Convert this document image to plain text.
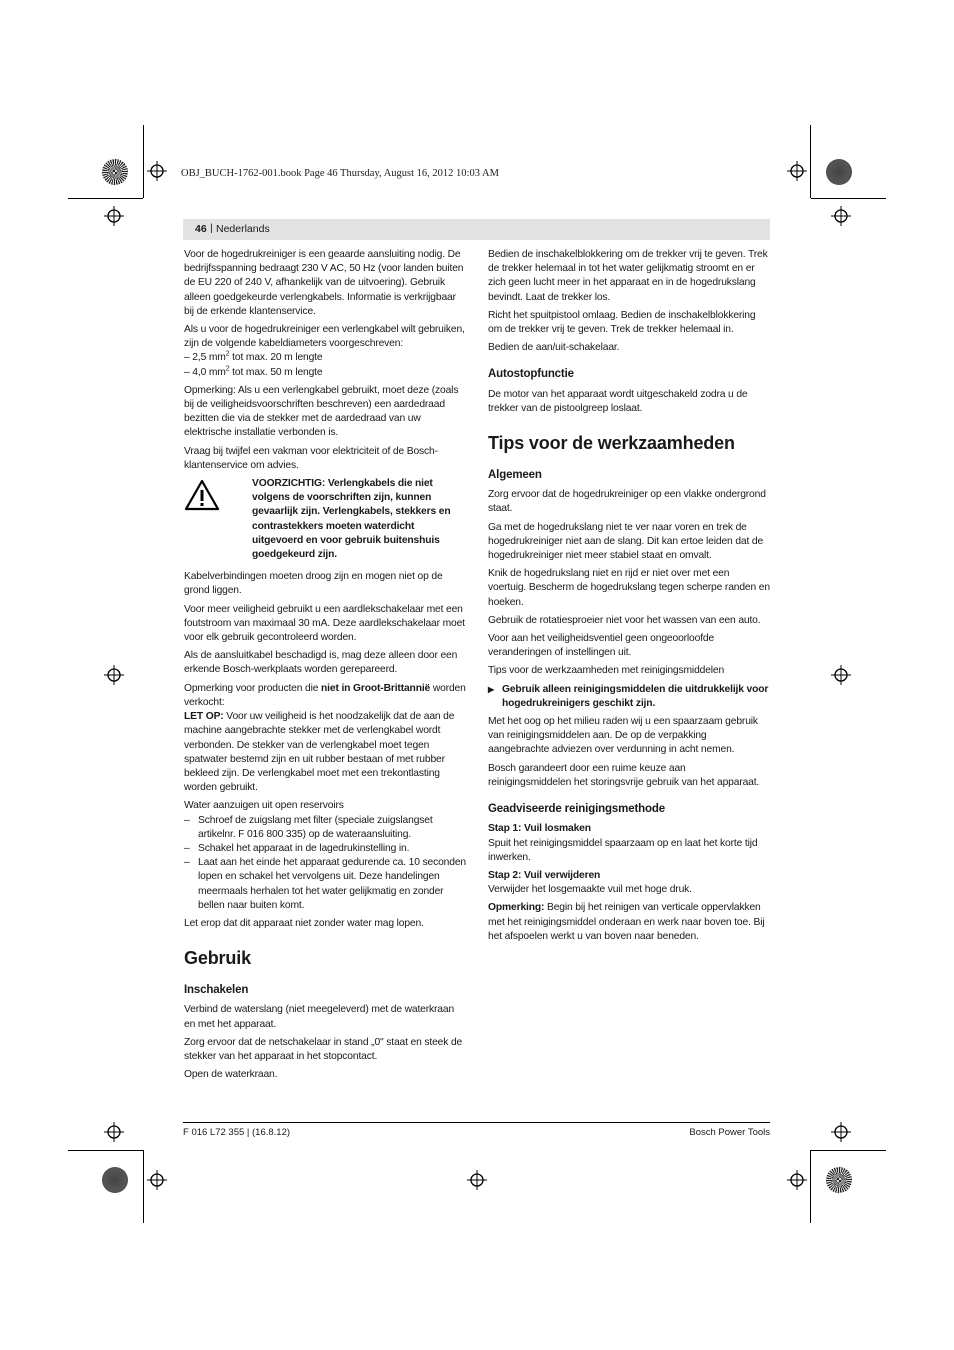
OBJ_BUCH-1762-001.book Page 46 Thursday, August 16, 2012 10:03 AM
46 | Nederlands

Voor de hogedrukreiniger is een geaarde aansluiting nodig. De bedrijfsspanning bedraagt 230 V AC, 50 Hz (voor landen buiten de EU 220 of 240 V, afhankelijk van de uitvoering). Gebruik alleen goedgekeurde verlengkabels. Informatie is verkrijgbaar bij de erkende klantenservice.

Als u voor de hogedrukreiniger een verlengkabel wilt gebruiken, zijn de volgende kabeldiameters voorgeschreven:

– 2,5 $mm^2$ tot max. 20 m lengte
– 4,0 $mm^2$ tot max. 50 m lengte

Opmerking: Als u een verlengkabel gebruikt, moet deze (zoals bij de veiligheidsvoorschriften beschreven) een aardedraad bezitten die via de stekker met de aardedraad van uw elektrische installatie verbonden is.

Vraag bij twijfel een vakman voor elektriciteit of de Bosch-klantenservice om advies.

VOORZICHTIG: Verlengkabels die niet volgens de voorschriften zijn, kunnen gevaarlijk zijn. Verlengkabels, stekkers en contrastekkers moeten waterdicht uitgevoerd en voor gebruik buitenshuis goedgekeurd zijn.

Kabelverbindingen moeten droog zijn en mogen niet op de grond liggen.

Voor meer veiligheid gebruikt u een aardlekschakelaar met een foutstroom van maximaal 30 mA. Deze aardlekschakelaar moet voor elk gebruik gecontroleerd worden.

Als de aansluitkabel beschadigd is, mag deze alleen door een erkende Bosch-werkplaats worden gerepareerd.

Opmerking voor producten die niet in Groot-Brittannië worden verkocht:

LET OP: Voor uw veiligheid is het noodzakelijk dat de aan de machine aangebrachte stekker met de verlengkabel wordt verbonden. De stekker van de verlengkabel moet tegen spatwater bestemd zijn en uit rubber bestaan of met rubber bekleed zijn. De verlengkabel moet met een trekontlasting worden gebruikt.

Water aanzuigen uit open reservoirs

– Schroef de zuigslang met filter (speciale zuigslangset artikelnr. F 016 800 335) op de wateraansluiting.
– Schakel het apparaat in de lagedrukinstelling in.
– Laat aan het einde het apparaat gedurende ca. 10 seconden lopen en schakel het vervolgens uit. Deze handelingen meermaals herhalen tot het water gelijkmatig en zonder bellen naar buiten komt.

Let erop dat dit apparaat niet zonder water mag lopen.

Gebruik
Inschakelen

Verbind de waterslang (niet meegeleverd) met de waterkraan en met het apparaat.

Zorg ervoor dat de netschakelaar in stand „0" staat en steek de stekker van het apparaat in het stopcontact.

Open de waterkraan.

Bedien de inschakelblokkering om de trekker vrij te geven. Trek de trekker helemaal in tot het water gelijkmatig stroomt en er zich geen lucht meer in het apparaat en in de hogedrukslang bevindt. Laat de trekker los.

Richt het spuitpistool omlaag. Bedien de inschakelblokkering om de trekker vrij te geven. Trek de trekker helemaal in.

Bedien de aan/uit-schakelaar.

Autostopfunctie

De motor van het apparaat wordt uitgeschakeld zodra u de trekker van de pistoolgreep loslaat.

Tips voor de werkzaamheden
Algemeen

Zorg ervoor dat de hogedrukreiniger op een vlakke ondergrond staat.

Ga met de hogedrukslang niet te ver naar voren en trek de hogedrukreiniger niet aan de slang. Dit kan ertoe leiden dat de hogedrukreiniger niet meer stabiel staat en omvalt.

Knik de hogedrukslang niet en rijd er niet over met een voertuig. Bescherm de hogedrukslang tegen scherpe randen en hoeken.

Gebruik de rotatiesproeier niet voor het wassen van een auto.

Voor aan het veiligheidsventiel geen ongeoorloofde veranderingen of instellingen uit.

Tips voor de werkzaamheden met reinigingsmiddelen

▶ Gebruik alleen reinigingsmiddelen die uitdrukkelijk voor hogedrukreinigers geschikt zijn.

Met het oog op het milieu raden wij u een spaarzaam gebruik van reinigingsmiddelen aan. De op de verpakking aangebrachte adviezen over verdunning in acht nemen.

Bosch garandeert door een ruime keuze aan reinigingsmiddelen het storingsvrije gebruik van het apparaat.

Geadviseerde reinigingsmethode
Stap 1: Vuil losmaken

Spuit het reinigingsmiddel spaarzaam op en laat het korte tijd inwerken.

Stap 2: Vuil verwijderen

Verwijder het losgemaakte vuil met hoge druk.

Opmerking: Begin bij het reinigen van verticale oppervlakken met het reinigingsmiddel onderaan en werk naar boven toe. Bij het afspoelen werkt u van boven naar beneden.

F 016 L72 355 | (16.8.12)	Bosch Power Tools
